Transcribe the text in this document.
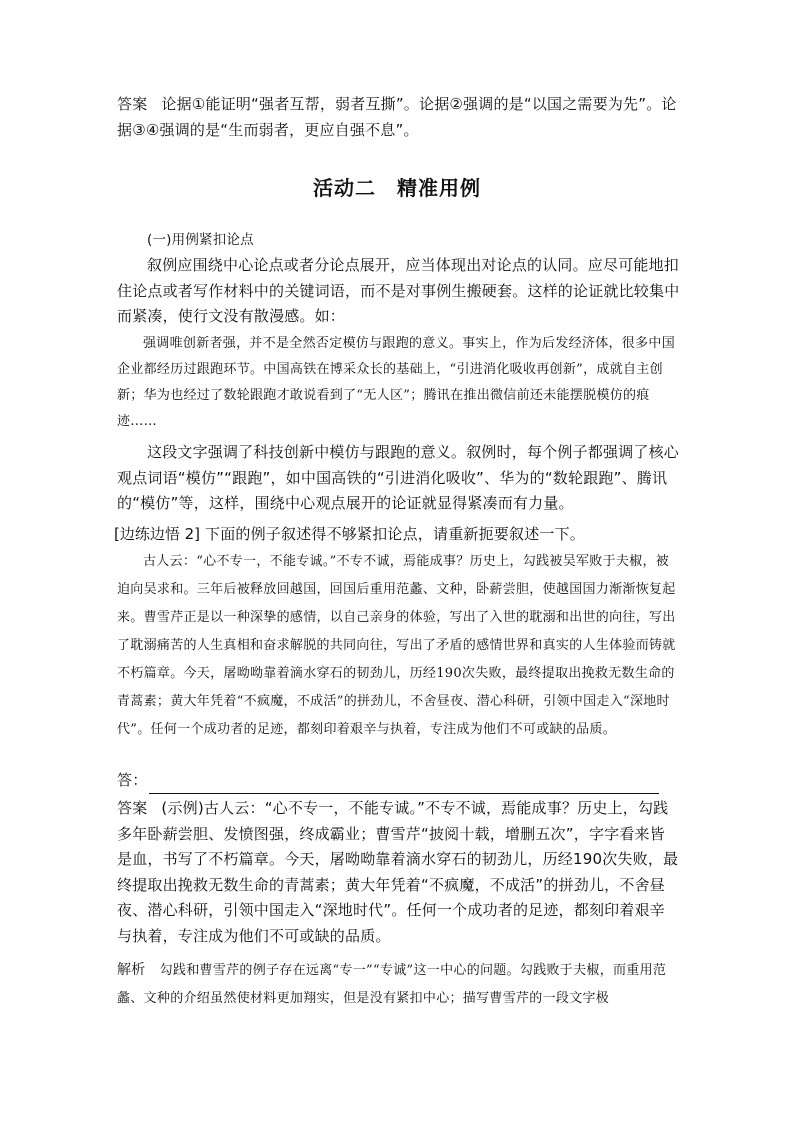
答案 论据①能证明“强者互帮，弱者互撕”。论据②强调的是“以国之需要为先”。论据③④强调的是“生而弱者，更应自强不息”。

活动二　精准用例

(一)用例紧扣论点

叙例应围绕中心论点或者分论点展开，应当体现出对论点的认同。应尽可能地扣住论点或者写作材料中的关键词语，而不是对事例生搬硬套。这样的论证就比较集中而紧凑，使行文没有散漫感。如：

强调唯创新者强，并不是全然否定模仿与跟跑的意义。事实上，作为后发经济体，很多中国企业都经历过跟跑环节。中国高铁在博采众长的基础上，“引进消化吸收再创新”，成就自主创新；华为也经过了数轮跟跑才敢说看到了“无人区”；腾讯在推出微信前还未能摆脱模仿的痕迹……

这段文字强调了科技创新中模仿与跟跑的意义。叙例时，每个例子都强调了核心观点词语“模仿”“跟跑”，如中国高铁的“引进消化吸收”、华为的“数轮跟跑”、腾讯的“模仿”等，这样，围绕中心观点展开的论证就显得紧凑而有力量。

[边练边悟 2] 下面的例子叙述得不够紧扣论点，请重新扼要叙述一下。

古人云：“心不专一，不能专诚。”不专不诚，焉能成事？历史上，勾践被吴军败于夫椒，被迫向吴求和。三年后被释放回越国，回国后重用范蠡、文种，卧薪尝胆，使越国国力渐渐恢复起来。曹雪芹正是以一种深挚的感情，以自己亲身的体验，写出了入世的耽溺和出世的向往，写出了耽溺痛苦的人生真相和奋求解脱的共同向往，写出了矛盾的感情世界和真实的人生体验而铸就不朽篇章。今天，屠呦呦靠着滴水穿石的韧劲儿，历经190次失败，最终提取出挽救无数生命的青蒿素；黄大年凭着“不疯魔，不成活”的拼劲儿，不舍昼夜、潜心科研，引领中国走入“深地时代”。任何一个成功者的足迹，都刻印着艰辛与执着，专注成为他们不可或缺的品质。

答：

答案 (示例)古人云：“心不专一，不能专诚。”不专不诚，焉能成事？历史上，勾践多年卧薪尝胆、发愤图强，终成霸业；曹雪芹“披阅十载，增删五次”，字字看来皆是血，书写了不朽篇章。今天，屠呦呦靠着滴水穿石的韧劲儿，历经190次失败，最终提取出挽救无数生命的青蒿素；黄大年凭着“不疯魔，不成活”的拼劲儿，不舍昼夜、潜心科研，引领中国走入“深地时代”。任何一个成功者的足迹，都刻印着艰辛与执着，专注成为他们不可或缺的品质。

解析 勾践和曹雪芹的例子存在远离“专一”“专诚”这一中心的问题。勾践败于夫椒，而重用范蠡、文种的介绍虽然使材料更加翔实，但是没有紧扣中心；描写曹雪芹的一段文字极
